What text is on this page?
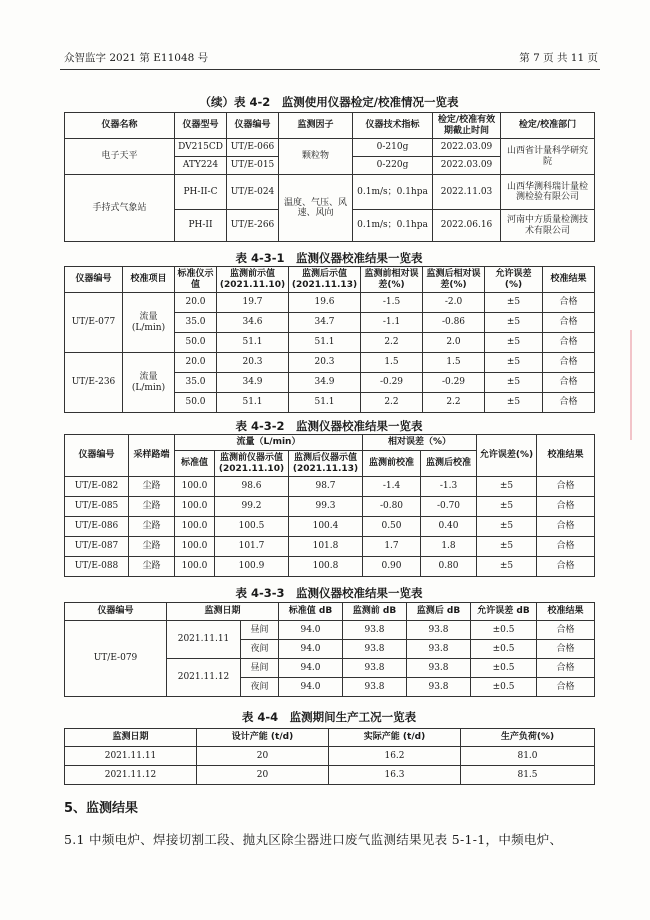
众智监字 2021 第 E11048 号	第 7 页 共 11 页
（续）表 4-2　监测使用仪器检定/校准情况一览表
仪器名称	仪器型号	仪器编号	监测因子	仪器技术指标	检定/校准有效期截止时间	检定/校准部门
电子天平	DV215CD	UT/E-066	颗粒物	0-210g	2022.03.09	山西省计量科学研究院
	ATY224	UT/E-015		0-220g	2022.03.09	
手持式气象站	PH-II-C	UT/E-024	温度、气压、风速、风向	0.1m/s；0.1hpa	2022.11.03	山西华测科瑞计量检测检验有限公司
	PH-II	UT/E-266		0.1m/s；0.1hpa	2022.06.16	河南中方质量检测技术有限公司
表 4-3-1　监测仪器校准结果一览表
仪器编号	校准项目	标准仪示值	监测前示值 (2021.11.10)	监测后示值 (2021.11.13)	监测前相对误差(%)	监测后相对误差(%)	允许误差(%)	校准结果
UT/E-077	流量 (L/min)	20.0	19.7	19.6	-1.5	-2.0	±5	合格
		35.0	34.6	34.7	-1.1	-0.86	±5	合格
		50.0	51.1	51.1	2.2	2.0	±5	合格
UT/E-236	流量 (L/min)	20.0	20.3	20.3	1.5	1.5	±5	合格
		35.0	34.9	34.9	-0.29	-0.29	±5	合格
		50.0	51.1	51.1	2.2	2.2	±5	合格
表 4-3-2　监测仪器校准结果一览表
仪器编号	采样路端	流量（L/min）			相对误差（%）		允许误差(%)	校准结果
		标准值	监测前仪器示值 (2021.11.10)	监测后仪器示值 (2021.11.13)	监测前校准	监测后校准		
UT/E-082	尘路	100.0	98.6	98.7	-1.4	-1.3	±5	合格
UT/E-085	尘路	100.0	99.2	99.3	-0.80	-0.70	±5	合格
UT/E-086	尘路	100.0	100.5	100.4	0.50	0.40	±5	合格
UT/E-087	尘路	100.0	101.7	101.8	1.7	1.8	±5	合格
UT/E-088	尘路	100.0	100.9	100.8	0.90	0.80	±5	合格
表 4-3-3　监测仪器校准结果一览表
仪器编号	监测日期		标准值 dB	监测前 dB	监测后 dB	允许误差 dB	校准结果
UT/E-079	2021.11.11	昼间	94.0	93.8	93.8	±0.5	合格
		夜间	94.0	93.8	93.8	±0.5	合格
	2021.11.12	昼间	94.0	93.8	93.8	±0.5	合格
		夜间	94.0	93.8	93.8	±0.5	合格
表 4-4　监测期间生产工况一览表
监测日期	设计产能 (t/d)	实际产能 (t/d)	生产负荷(%)
2021.11.11	20	16.2	81.0
2021.11.12	20	16.3	81.5
5、监测结果
5.1 中频电炉、焊接切割工段、抛丸区除尘器进口废气监测结果见表 5-1-1，中频电炉、
